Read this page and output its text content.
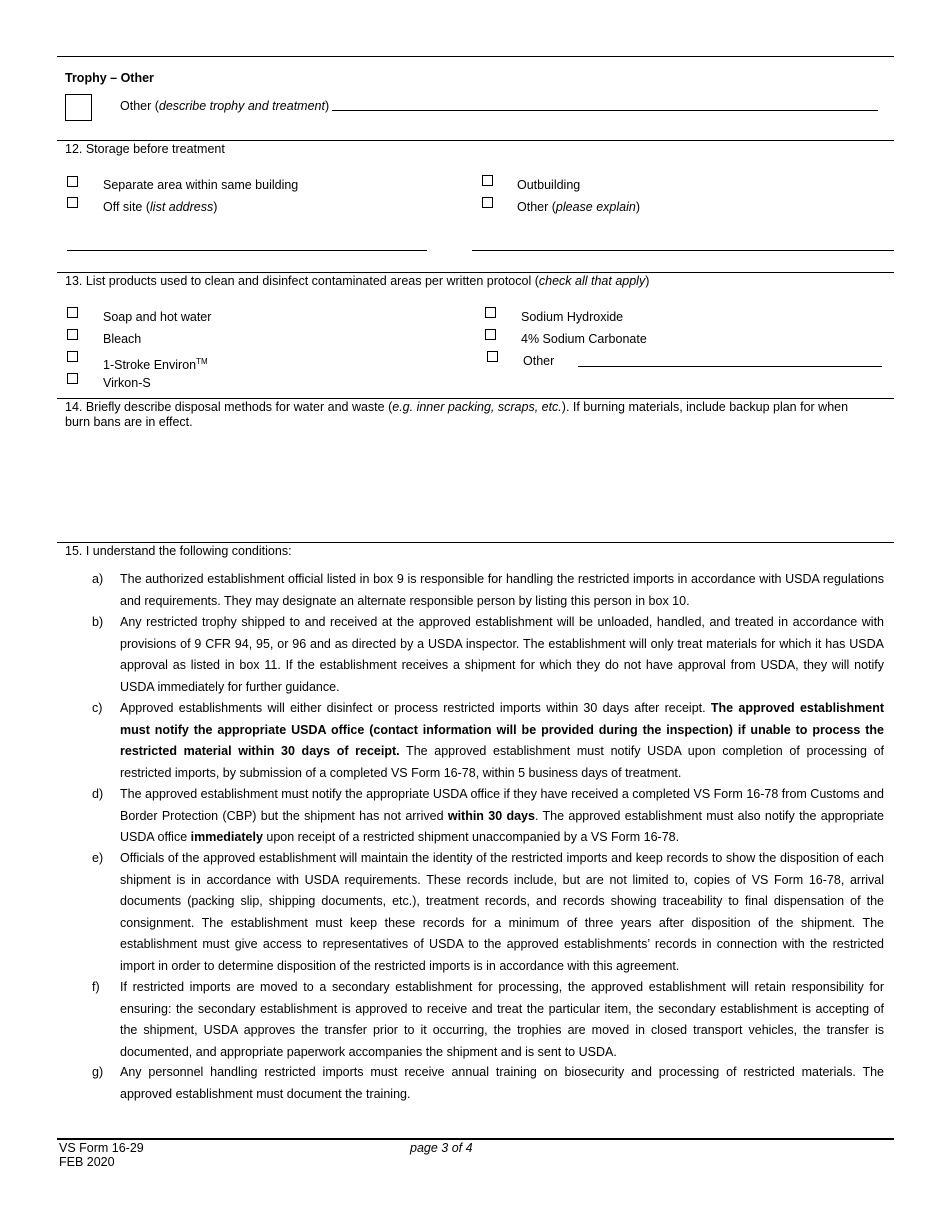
Trophy – Other
Other (describe trophy and treatment)
12. Storage before treatment
Separate area within same building
Off site (list address)
Outbuilding
Other (please explain)
13. List products used to clean and disinfect contaminated areas per written protocol (check all that apply)
Soap and hot water
Bleach
1-Stroke Environ™
Virkon-S
Sodium Hydroxide
4% Sodium Carbonate
Other
14. Briefly describe disposal methods for water and waste (e.g. inner packing, scraps, etc.). If burning materials, include backup plan for when burn bans are in effect.
15. I understand the following conditions:
a) The authorized establishment official listed in box 9 is responsible for handling the restricted imports in accordance with USDA regulations and requirements. They may designate an alternate responsible person by listing this person in box 10.
b) Any restricted trophy shipped to and received at the approved establishment will be unloaded, handled, and treated in accordance with provisions of 9 CFR 94, 95, or 96 and as directed by a USDA inspector. The establishment will only treat materials for which it has USDA approval as listed in box 11. If the establishment receives a shipment for which they do not have approval from USDA, they will notify USDA immediately for further guidance.
c) Approved establishments will either disinfect or process restricted imports within 30 days after receipt. The approved establishment must notify the appropriate USDA office (contact information will be provided during the inspection) if unable to process the restricted material within 30 days of receipt. The approved establishment must notify USDA upon completion of processing of restricted imports, by submission of a completed VS Form 16-78, within 5 business days of treatment.
d) The approved establishment must notify the appropriate USDA office if they have received a completed VS Form 16-78 from Customs and Border Protection (CBP) but the shipment has not arrived within 30 days. The approved establishment must also notify the appropriate USDA office immediately upon receipt of a restricted shipment unaccompanied by a VS Form 16-78.
e) Officials of the approved establishment will maintain the identity of the restricted imports and keep records to show the disposition of each shipment is in accordance with USDA requirements. These records include, but are not limited to, copies of VS Form 16-78, arrival documents (packing slip, shipping documents, etc.), treatment records, and records showing traceability to final dispensation of the consignment. The establishment must keep these records for a minimum of three years after disposition of the shipment. The establishment must give access to representatives of USDA to the approved establishments’ records in connection with the restricted import in order to determine disposition of the restricted imports is in accordance with this agreement.
f) If restricted imports are moved to a secondary establishment for processing, the approved establishment will retain responsibility for ensuring: the secondary establishment is approved to receive and treat the particular item, the secondary establishment is accepting of the shipment, USDA approves the transfer prior to it occurring, the trophies are moved in closed transport vehicles, the transfer is documented, and appropriate paperwork accompanies the shipment and is sent to USDA.
g) Any personnel handling restricted imports must receive annual training on biosecurity and processing of restricted materials. The approved establishment must document the training.
VS Form 16-29
FEB 2020
page 3 of 4
